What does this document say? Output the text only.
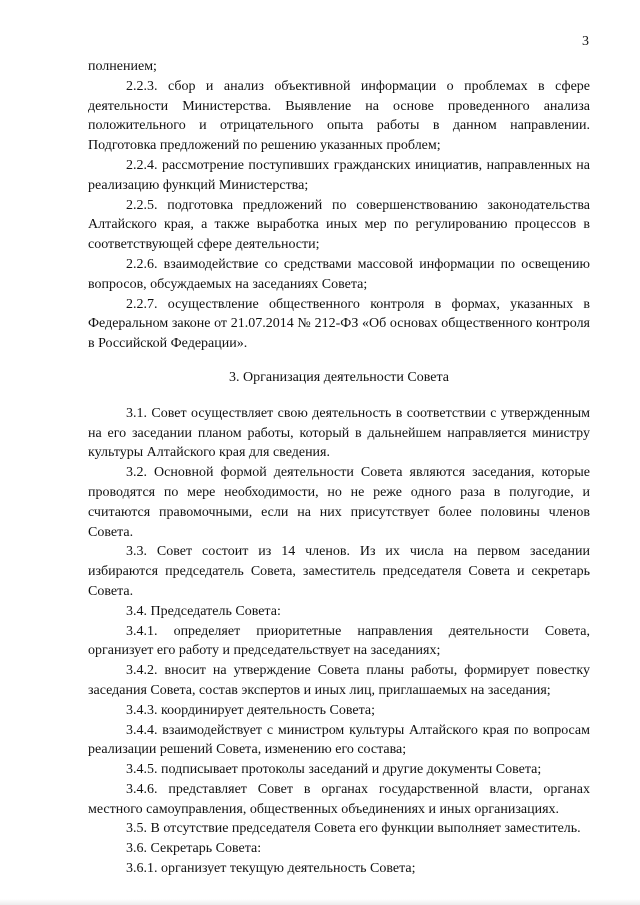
3

полнением;

2.2.3. сбор и анализ объективной информации о проблемах в сфере деятельности Министерства. Выявление на основе проведенного анализа положительного и отрицательного опыта работы в данном направлении. Подготовка предложений по решению указанных проблем;

2.2.4. рассмотрение поступивших гражданских инициатив, направленных на реализацию функций Министерства;

2.2.5. подготовка предложений по совершенствованию законодательства Алтайского края, а также выработка иных мер по регулированию процессов в соответствующей сфере деятельности;

2.2.6. взаимодействие со средствами массовой информации по освещению вопросов, обсуждаемых на заседаниях Совета;

2.2.7. осуществление общественного контроля в формах, указанных в Федеральном законе от 21.07.2014 № 212-ФЗ «Об основах общественного контроля в Российской Федерации».

3. Организация деятельности Совета

3.1. Совет осуществляет свою деятельность в соответствии с утвержденным на его заседании планом работы, который в дальнейшем направляется министру культуры Алтайского края для сведения.

3.2. Основной формой деятельности Совета являются заседания, которые проводятся по мере необходимости, но не реже одного раза в полугодие, и считаются правомочными, если на них присутствует более половины членов Совета.

3.3. Совет состоит из 14 членов. Из их числа на первом заседании избираются председатель Совета, заместитель председателя Совета и секретарь Совета.

3.4. Председатель Совета:

3.4.1. определяет приоритетные направления деятельности Совета, организует его работу и председательствует на заседаниях;

3.4.2. вносит на утверждение Совета планы работы, формирует повестку заседания Совета, состав экспертов и иных лиц, приглашаемых на заседания;

3.4.3. координирует деятельность Совета;

3.4.4. взаимодействует с министром культуры Алтайского края по вопросам реализации решений Совета, изменению его состава;

3.4.5. подписывает протоколы заседаний и другие документы Совета;

3.4.6. представляет Совет в органах государственной власти, органах местного самоуправления, общественных объединениях и иных организациях.

3.5. В отсутствие председателя Совета его функции выполняет заместитель.

3.6. Секретарь Совета:

3.6.1. организует текущую деятельность Совета;
